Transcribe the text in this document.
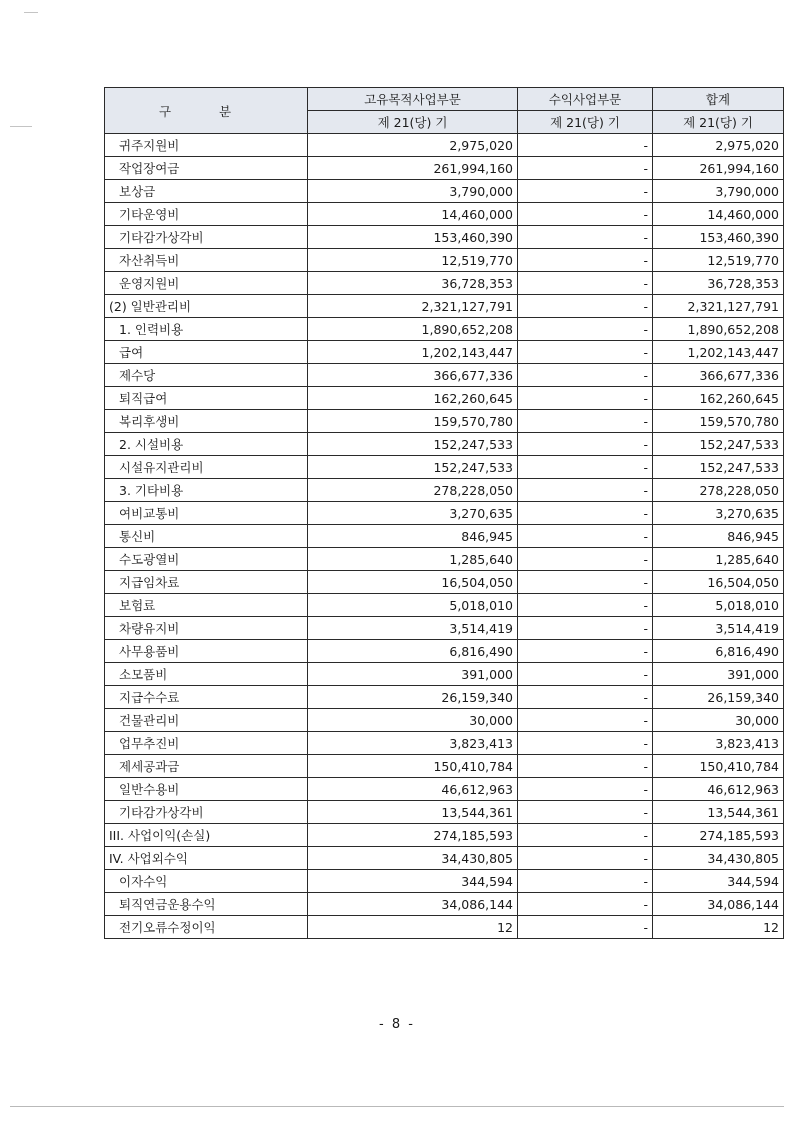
구 분	고유목적사업부문	수익사업부문	합계
	제 21(당) 기	제 21(당) 기	제 21(당) 기
귀주지원비	2,975,020	-	2,975,020
작업장여금	261,994,160	-	261,994,160
보상금	3,790,000	-	3,790,000
기타운영비	14,460,000	-	14,460,000
기타감가상각비	153,460,390	-	153,460,390
자산취득비	12,519,770	-	12,519,770
운영지원비	36,728,353	-	36,728,353
(2) 일반관리비	2,321,127,791	-	2,321,127,791
1. 인력비용	1,890,652,208	-	1,890,652,208
급여	1,202,143,447	-	1,202,143,447
제수당	366,677,336	-	366,677,336
퇴직급여	162,260,645	-	162,260,645
복리후생비	159,570,780	-	159,570,780
2. 시설비용	152,247,533	-	152,247,533
시설유지관리비	152,247,533	-	152,247,533
3. 기타비용	278,228,050	-	278,228,050
여비교통비	3,270,635	-	3,270,635
통신비	846,945	-	846,945
수도광열비	1,285,640	-	1,285,640
지급임차료	16,504,050	-	16,504,050
보험료	5,018,010	-	5,018,010
차량유지비	3,514,419	-	3,514,419
사무용품비	6,816,490	-	6,816,490
소모품비	391,000	-	391,000
지급수수료	26,159,340	-	26,159,340
건물관리비	30,000	-	30,000
업무추진비	3,823,413	-	3,823,413
제세공과금	150,410,784	-	150,410,784
일반수용비	46,612,963	-	46,612,963
기타감가상각비	13,544,361	-	13,544,361
III. 사업이익(손실)	274,185,593	-	274,185,593
IV. 사업외수익	34,430,805	-	34,430,805
이자수익	344,594	-	344,594
퇴직연금운용수익	34,086,144	-	34,086,144
전기오류수정이익	12	-	12
- 8 -
